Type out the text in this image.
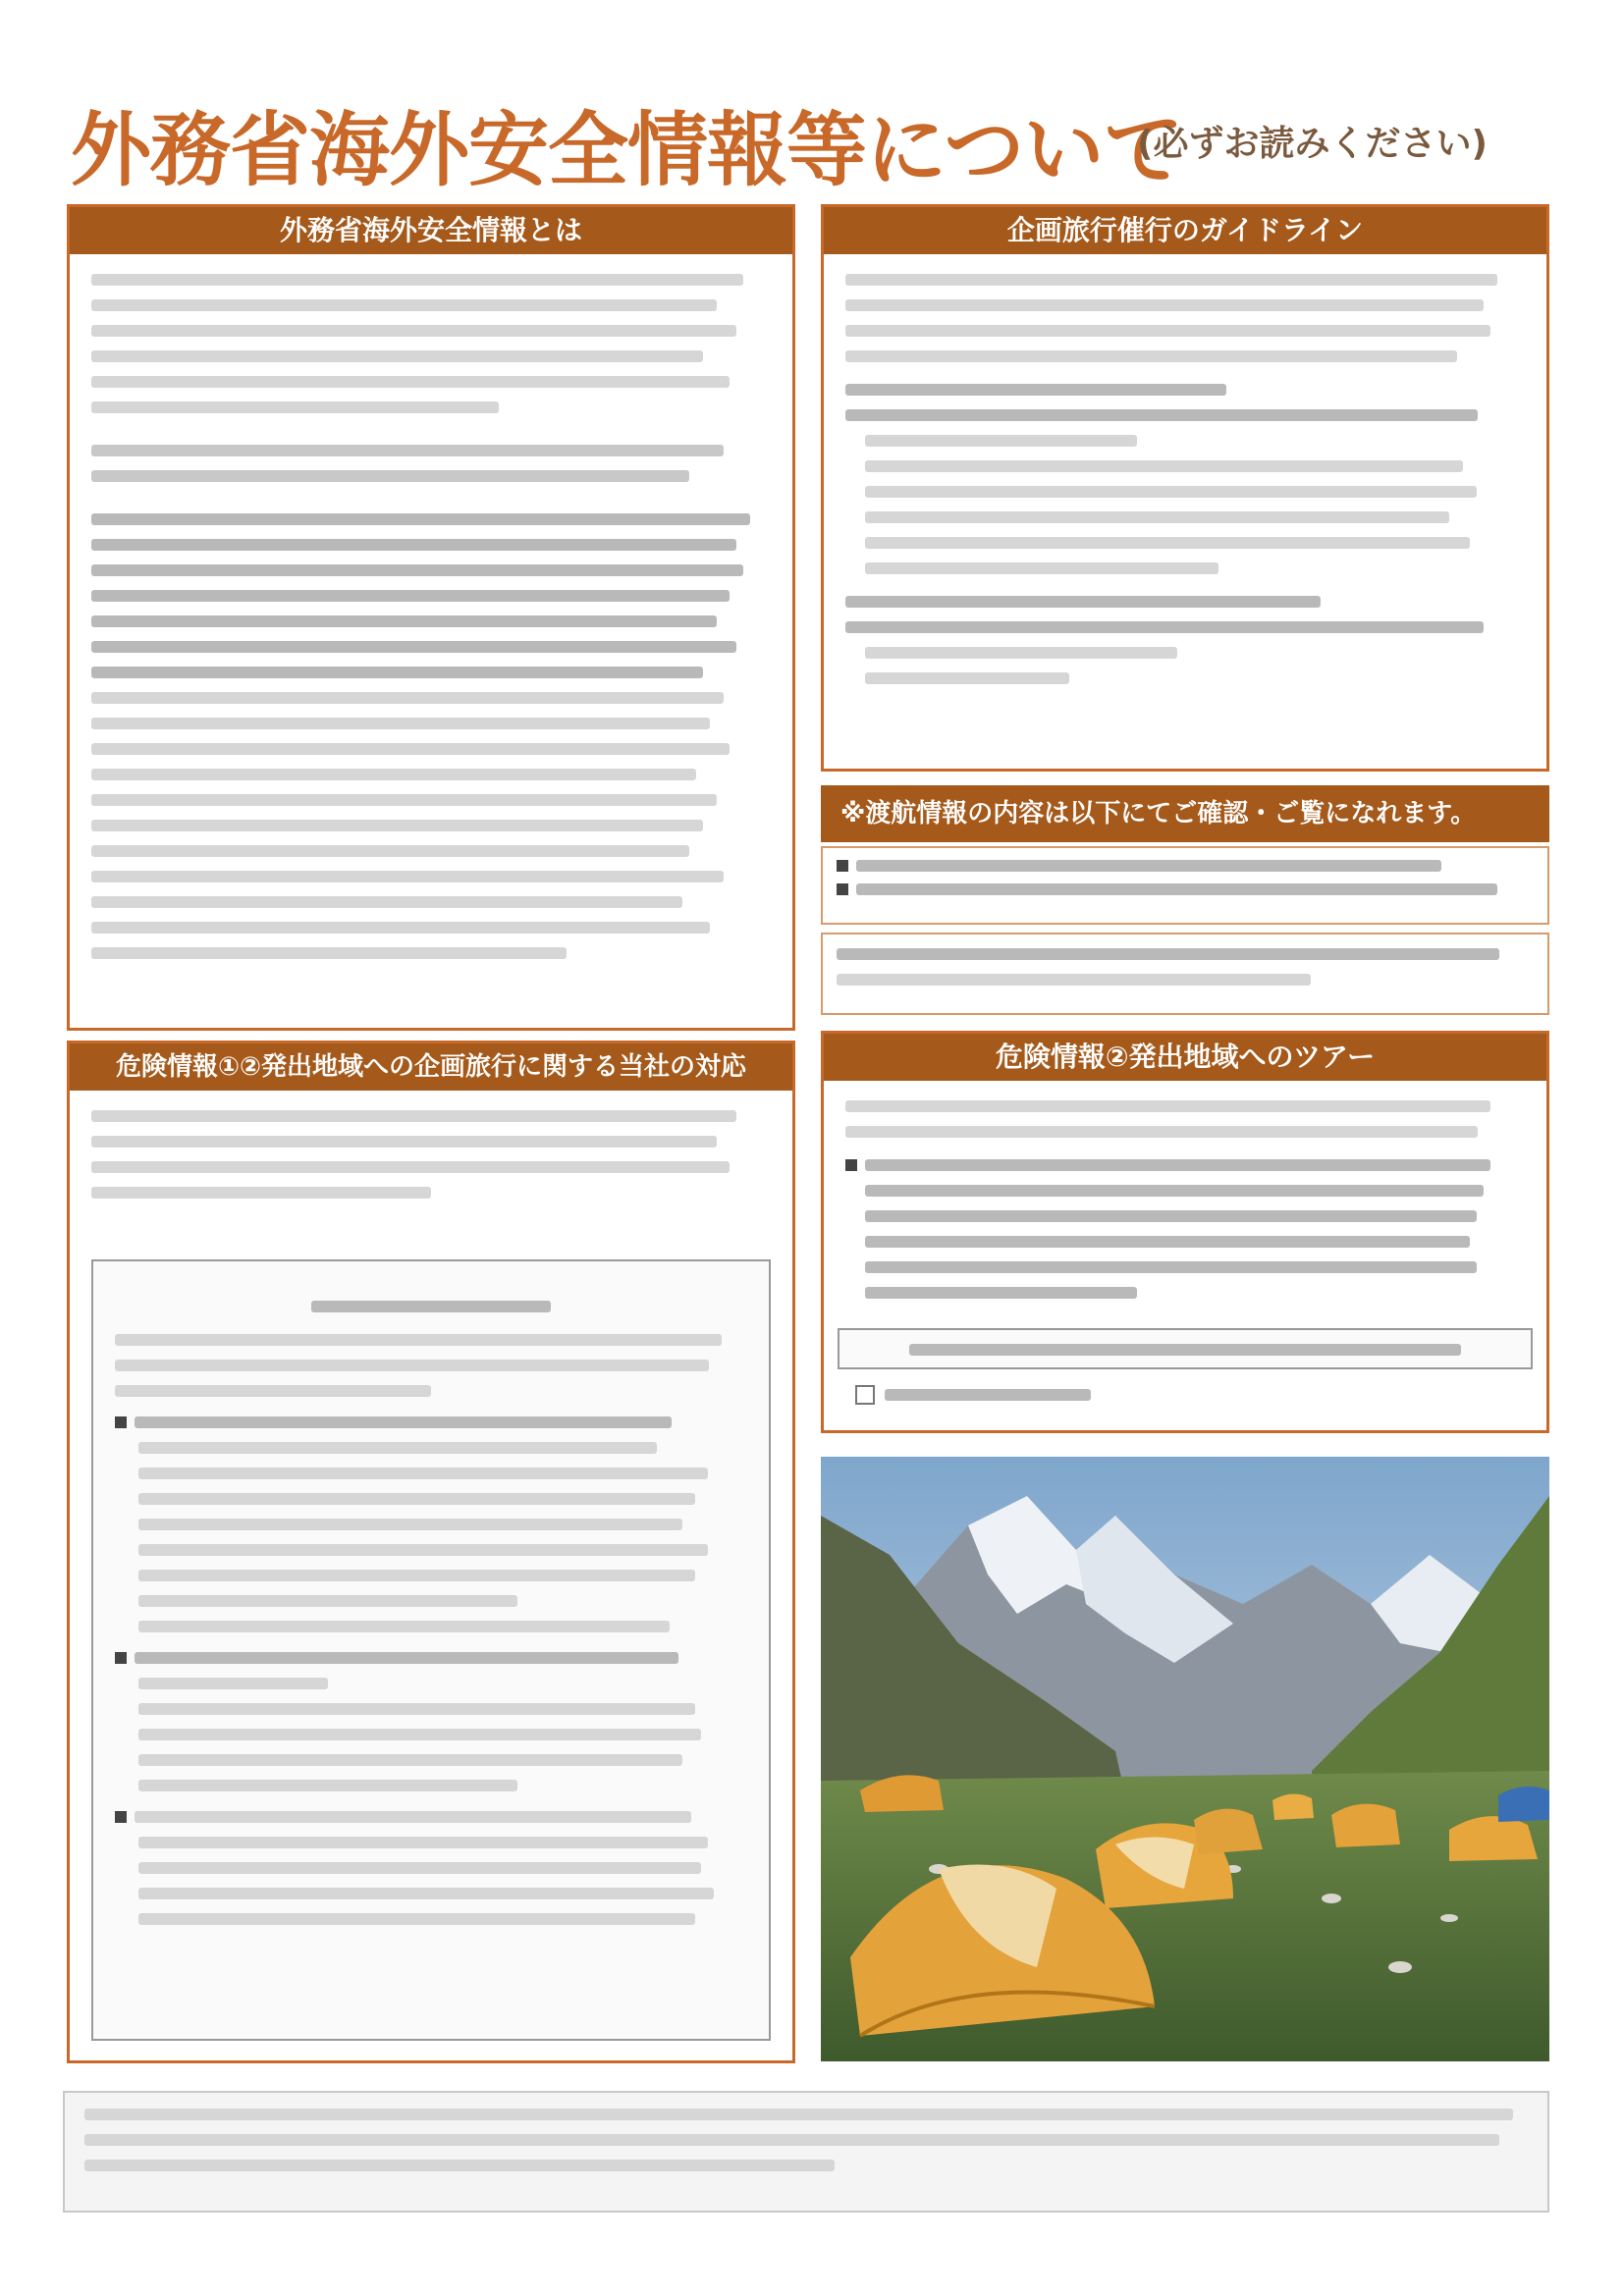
外務省海外安全情報等について
(必ずお読みください)
外務省海外安全情報とは	企画旅行催行のガイドライン
※渡航情報の内容は以下にてご確認・ご覧になれます。
危険情報①②発出地域への企画旅行に関する当社の対応	危険情報②発出地域へのツアー
